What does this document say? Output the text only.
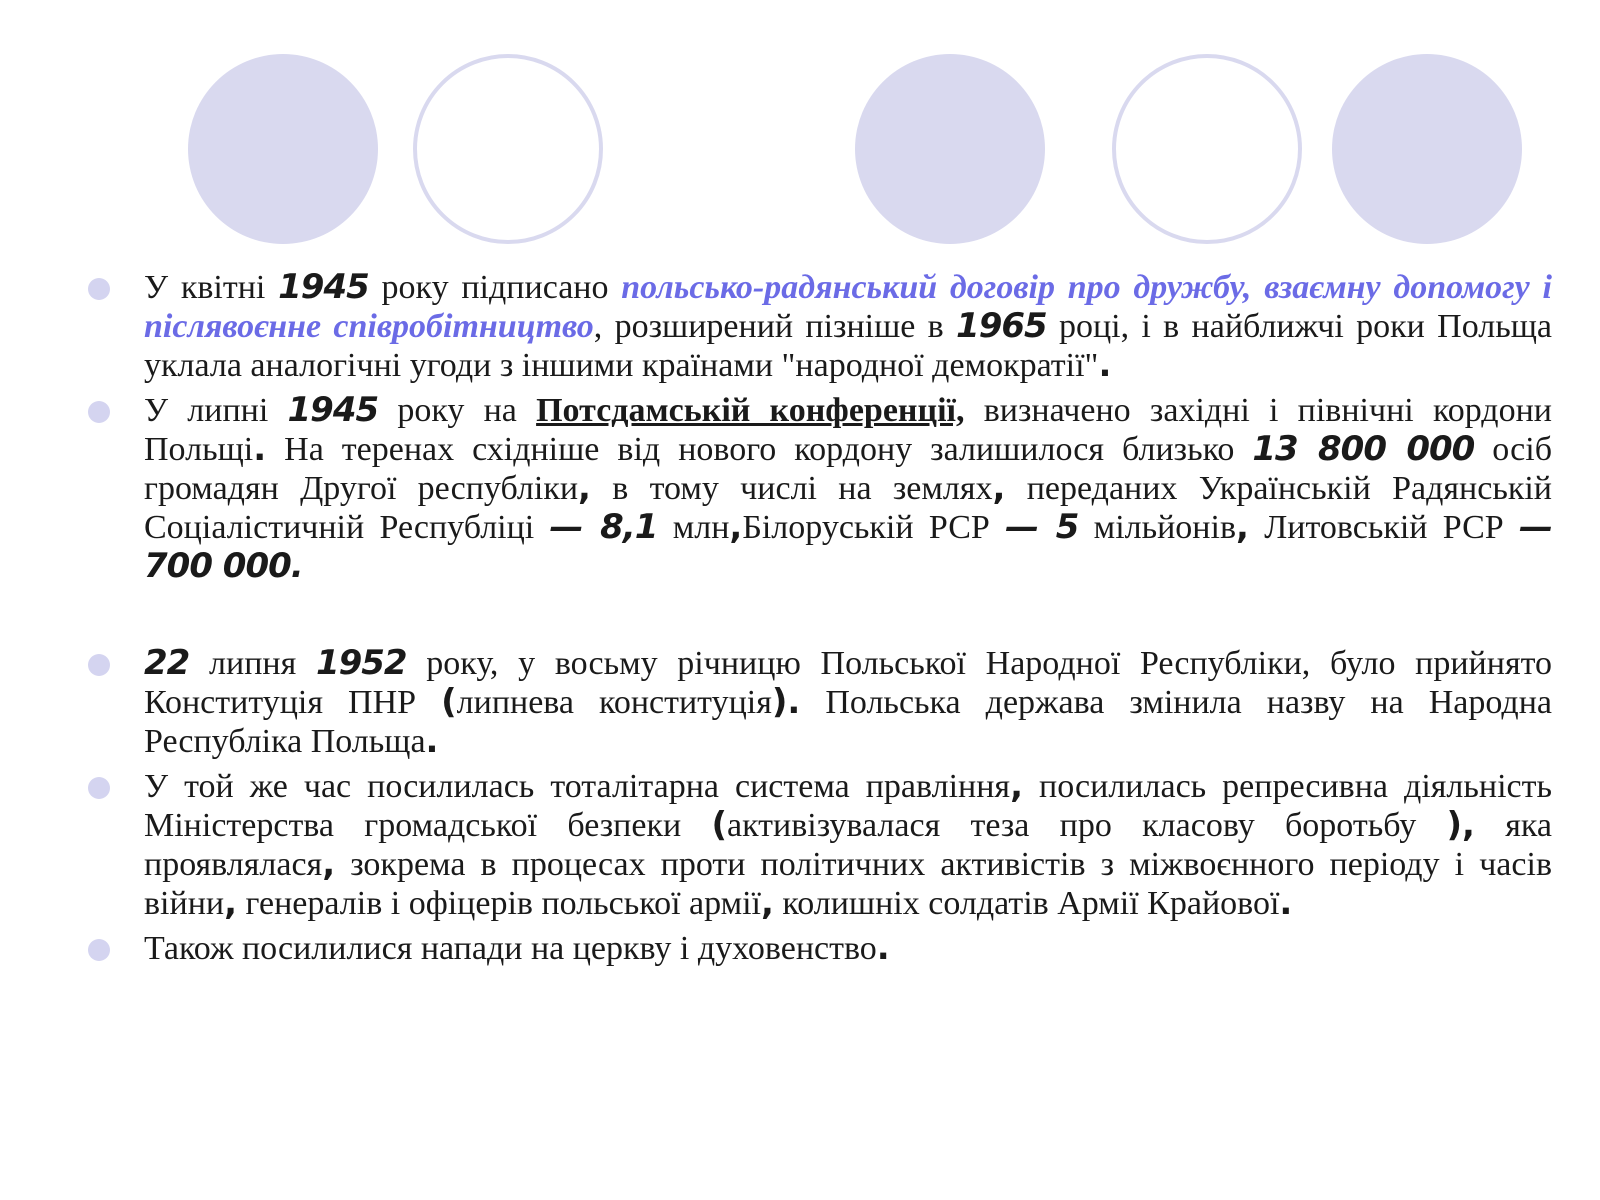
У квітні 1945 року підписано польсько-радянський договір про дружбу, взаємну допомогу і післявоєнне співробітництво, розширений пізніше в 1965 році, і в найближчі роки Польща уклала аналогічні угоди з іншими країнами "народної демократії".
У липні 1945 року на Потсдамській конференції, визначено західні і північні кордони Польщі. На теренах східніше від нового кордону залишилося близько 13 800 000 осіб громадян Другої республіки, в тому числі на землях, переданих Українській Радянській Соціалістичній Республіці — 8,1 млн,Білоруській РСР — 5 мільйонів, Литовській РСР — 700 000.
22 липня 1952 року, у восьму річницю Польської Народної Республіки, було прийнято Конституція ПНР (липнева конституція). Польська держава змінила назву на Народна Республіка Польща.
У той же час посилилась тоталітарна система правління, посилилась репресивна діяльність Міністерства громадської безпеки (активізувалася теза про класову боротьбу ), яка проявлялася, зокрема в процесах проти політичних активістів з міжвоєнного періоду і часів війни, генералів і офіцерів польської армії, колишніх солдатів Армії Крайової.
Також посилилися напади на церкву і духовенство.
